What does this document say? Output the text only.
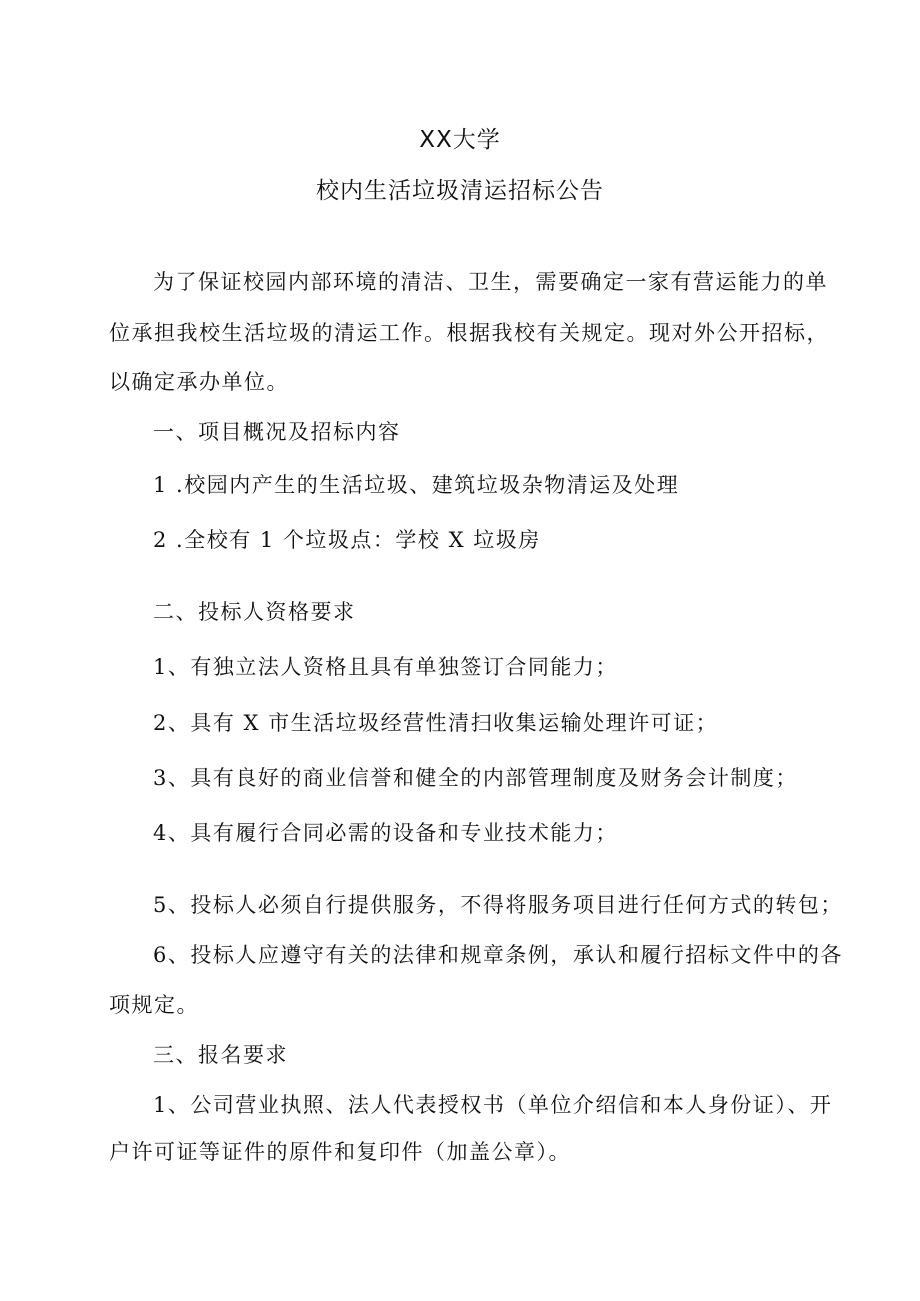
XX大学
校内生活垃圾清运招标公告
为了保证校园内部环境的清洁、卫生，需要确定一家有营运能力的单
位承担我校生活垃圾的清运工作。根据我校有关规定。现对外公开招标，
以确定承办单位。
一、项目概况及招标内容
1 .校园内产生的生活垃圾、建筑垃圾杂物清运及处理
2 .全校有 1 个垃圾点：学校 X 垃圾房
二、投标人资格要求
1、有独立法人资格且具有单独签订合同能力；
2、具有 X 市生活垃圾经营性清扫收集运输处理许可证；
3、具有良好的商业信誉和健全的内部管理制度及财务会计制度；
4、具有履行合同必需的设备和专业技术能力；
5、投标人必须自行提供服务，不得将服务项目进行任何方式的转包；
6、投标人应遵守有关的法律和规章条例，承认和履行招标文件中的各
项规定。
三、报名要求
1、公司营业执照、法人代表授权书（单位介绍信和本人身份证）、开
户许可证等证件的原件和复印件（加盖公章）。
